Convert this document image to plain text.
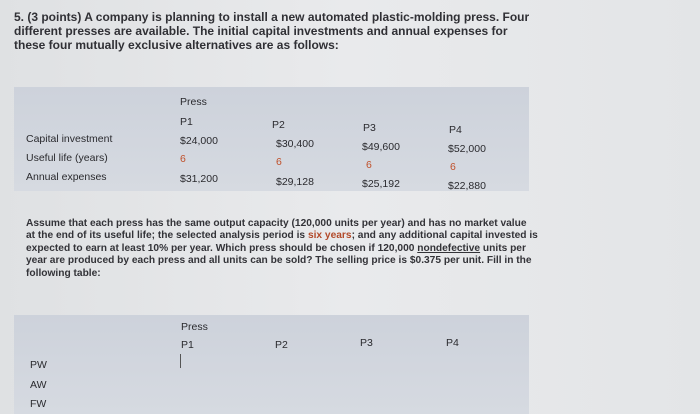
5. (3 points) A company is planning to install a new automated plastic-molding press. Four different presses are available. The initial capital investments and annual expenses for these four mutually exclusive alternatives are as follows:
Press
P1	P2	P3	P4
Capital investment	$24,000	$30,400	$49,600	$52,000
Useful life (years)	6	6	6	6
Annual expenses	$31,200	$29,128	$25,192	$22,880
Assume that each press has the same output capacity (120,000 units per year) and has no market value at the end of its useful life; the selected analysis period is six years; and any additional capital invested is expected to earn at least 10% per year. Which press should be chosen if 120,000 nondefective units per year are produced by each press and all units can be sold? The selling price is $0.375 per unit. Fill in the following table:
Press
P1	P2	P3	P4
PW
AW
FW
